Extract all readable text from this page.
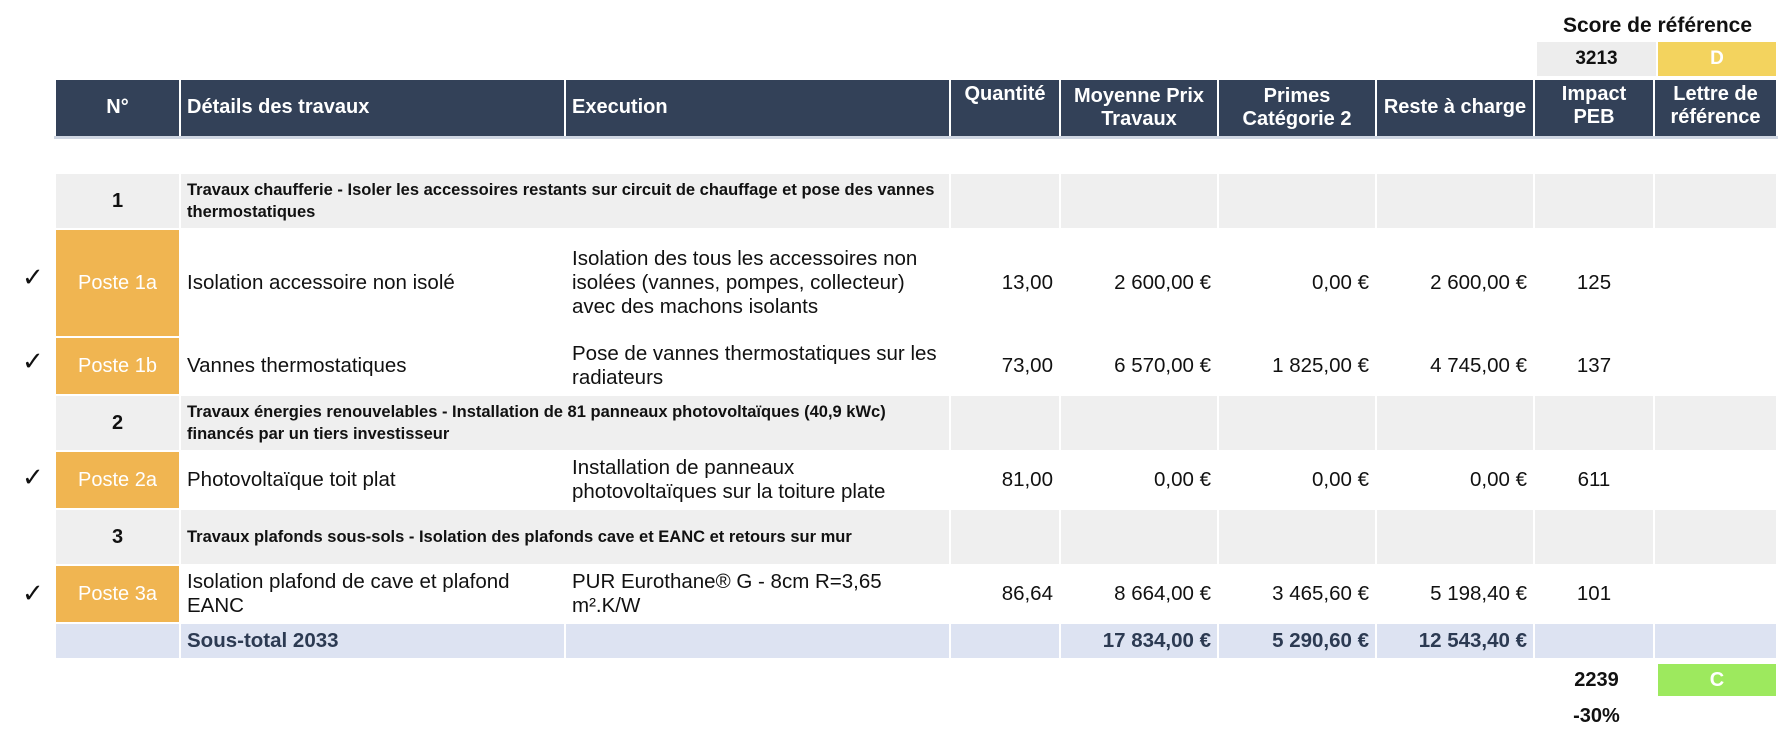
Score de référence
3213	D
✓
✓
✓
✓
N°	Détails des travaux	Execution	Quantité	Moyenne Prix Travaux	Primes Catégorie 2	Reste à charge	Impact PEB	Lettre de référence

1	Travaux chaufferie - Isoler les accessoires restants sur circuit de chauffage et pose des vannes thermostatiques							
Poste 1a	Isolation accessoire non isolé	Isolation des tous les accessoires non isolées (vannes, pompes, collecteur) avec des machons isolants	13,00	2 600,00 €	0,00 €	2 600,00 €	125	D
Poste 1b	Vannes thermostatiques	Pose de vannes thermostatiques sur les radiateurs	73,00	6 570,00 €	1 825,00 €	4 745,00 €	137	D
2	Travaux énergies renouvelables - Installation de 81 panneaux photovoltaïques (40,9 kWc) financés par un tiers investisseur							
Poste 2a	Photovoltaïque toit plat	Installation de panneaux photovoltaïques sur la toiture plate	81,00	0,00 €	0,00 €	0,00 €	611	C-
3	Travaux plafonds sous-sols - Isolation des plafonds cave et EANC et retours sur mur							
Poste 3a	Isolation plafond de cave et plafond EANC	PUR Eurothane® G - 8cm R=3,65 m².K/W	86,64	8 664,00 €	3 465,60 €	5 198,40 €	101	C
	Sous-total 2033			17 834,00 €	5 290,60 €	12 543,40 €		
2239	C
-30%
